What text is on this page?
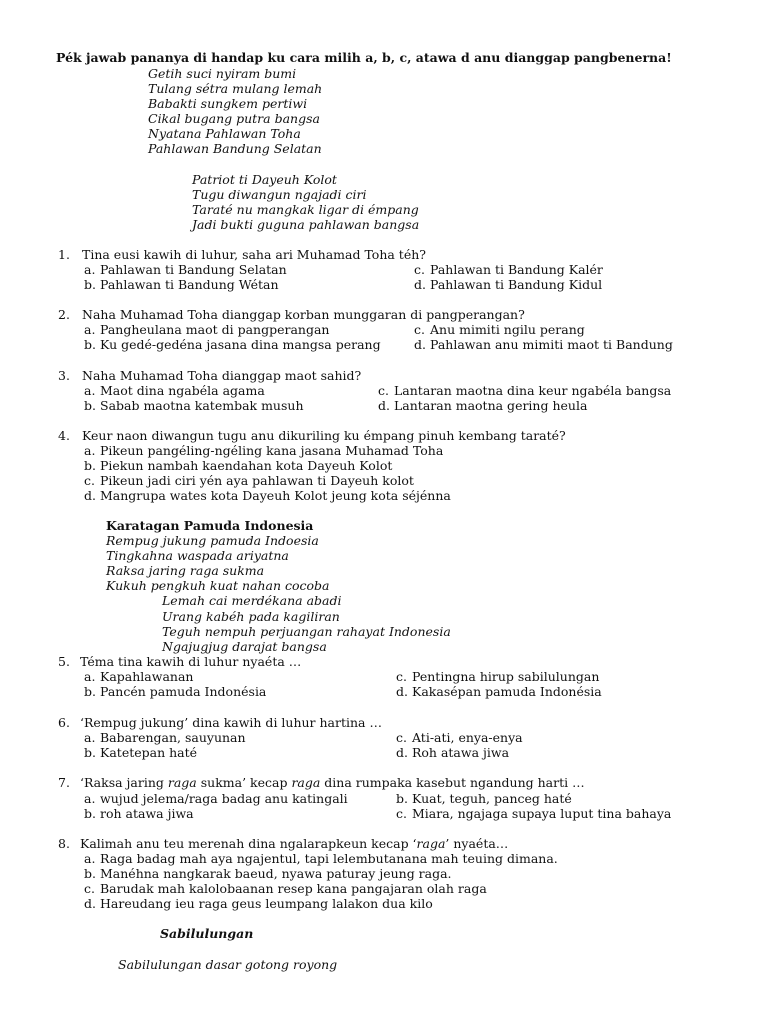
Pék jawab pananya di handap ku cara milih a, b, c, atawa d anu dianggap pangbenerna!
Getih suci nyiram bumi
Tulang sétra mulang lemah
Babakti sungkem pertiwi
Cikal bugang putra bangsa
Nyatana Pahlawan Toha
Pahlawan Bandung Selatan
Patriot ti Dayeuh Kolot
Tugu diwangun ngajadi ciri
Taraté nu mangkak ligar di émpang
Jadi bukti guguna pahlawan bangsa
1. Tina eusi kawih di luhur, saha ari Muhamad Toha téh?
a. Pahlawan ti Bandung Selatan
b. Pahlawan ti Bandung Wétan
c. Pahlawan ti Bandung Kalér
d. Pahlawan ti Bandung Kidul
2. Naha Muhamad Toha dianggap korban munggaran di pangperangan?
a. Pangheulana maot di pangperangan
b. Ku gedé-gedéna jasana dina mangsa perang
c. Anu mimiti ngilu perang
d. Pahlawan anu mimiti maot ti Bandung
3. Naha Muhamad Toha dianggap maot sahid?
a. Maot dina ngabéla agama
b. Sabab maotna katembak musuh
c. Lantaran maotna dina keur ngabéla bangsa
d. Lantaran maotna gering heula
4. Keur naon diwangun tugu anu dikuriling ku émpang pinuh kembang taraté?
a. Pikeun pangéling-ngéling kana jasana Muhamad Toha
b. Piekun nambah kaendahan kota Dayeuh Kolot
c. Pikeun jadi ciri yén aya pahlawan ti Dayeuh kolot
d. Mangrupa wates kota Dayeuh Kolot jeung kota séjénna
Karatagan Pamuda Indonesia
Rempug jukung pamuda Indoesia
Tingkahna waspada ariyatna
Raksa jaring raga sukma
Kukuh pengkuh kuat nahan cocoba
Lemah cai merdékana abadi
Urang kabéh pada kagiliran
Teguh nempuh perjuangan rahayat Indonesia
Ngajugjug darajat bangsa
5. Téma tina kawih di luhur nyaéta …
a. Kapahlawanan
b. Pancén pamuda Indonésia
c. Pentingna hirup sabilulungan
d. Kakasépan pamuda Indonésia
6. ‘Rempug jukung’ dina kawih di luhur hartina …
a. Babarengan, sauyunan
b. Katetepan haté
c. Ati-ati, enya-enya
d. Roh atawa jiwa
7. ‘Raksa jaring raga sukma’ kecap raga dina rumpaka kasebut ngandung harti …
a. wujud jelema/raga badag anu katingali
b. roh atawa jiwa
b. Kuat, teguh, panceg haté
c. Miara, ngajaga supaya luput tina bahaya
8. Kalimah anu teu merenah dina ngalarapkeun kecap ‘raga’ nyaéta…
a. Raga badag mah aya ngajentul, tapi lelembutanana mah teuing dimana.
b. Manéhna nangkarak baeud, nyawa paturay jeung raga.
c. Barudak mah kalolobaanan resep kana pangajaran olah raga
d. Hareudang ieu raga geus leumpang lalakon dua kilo
Sabilulungan
Sabilulungan dasar gotong royong
